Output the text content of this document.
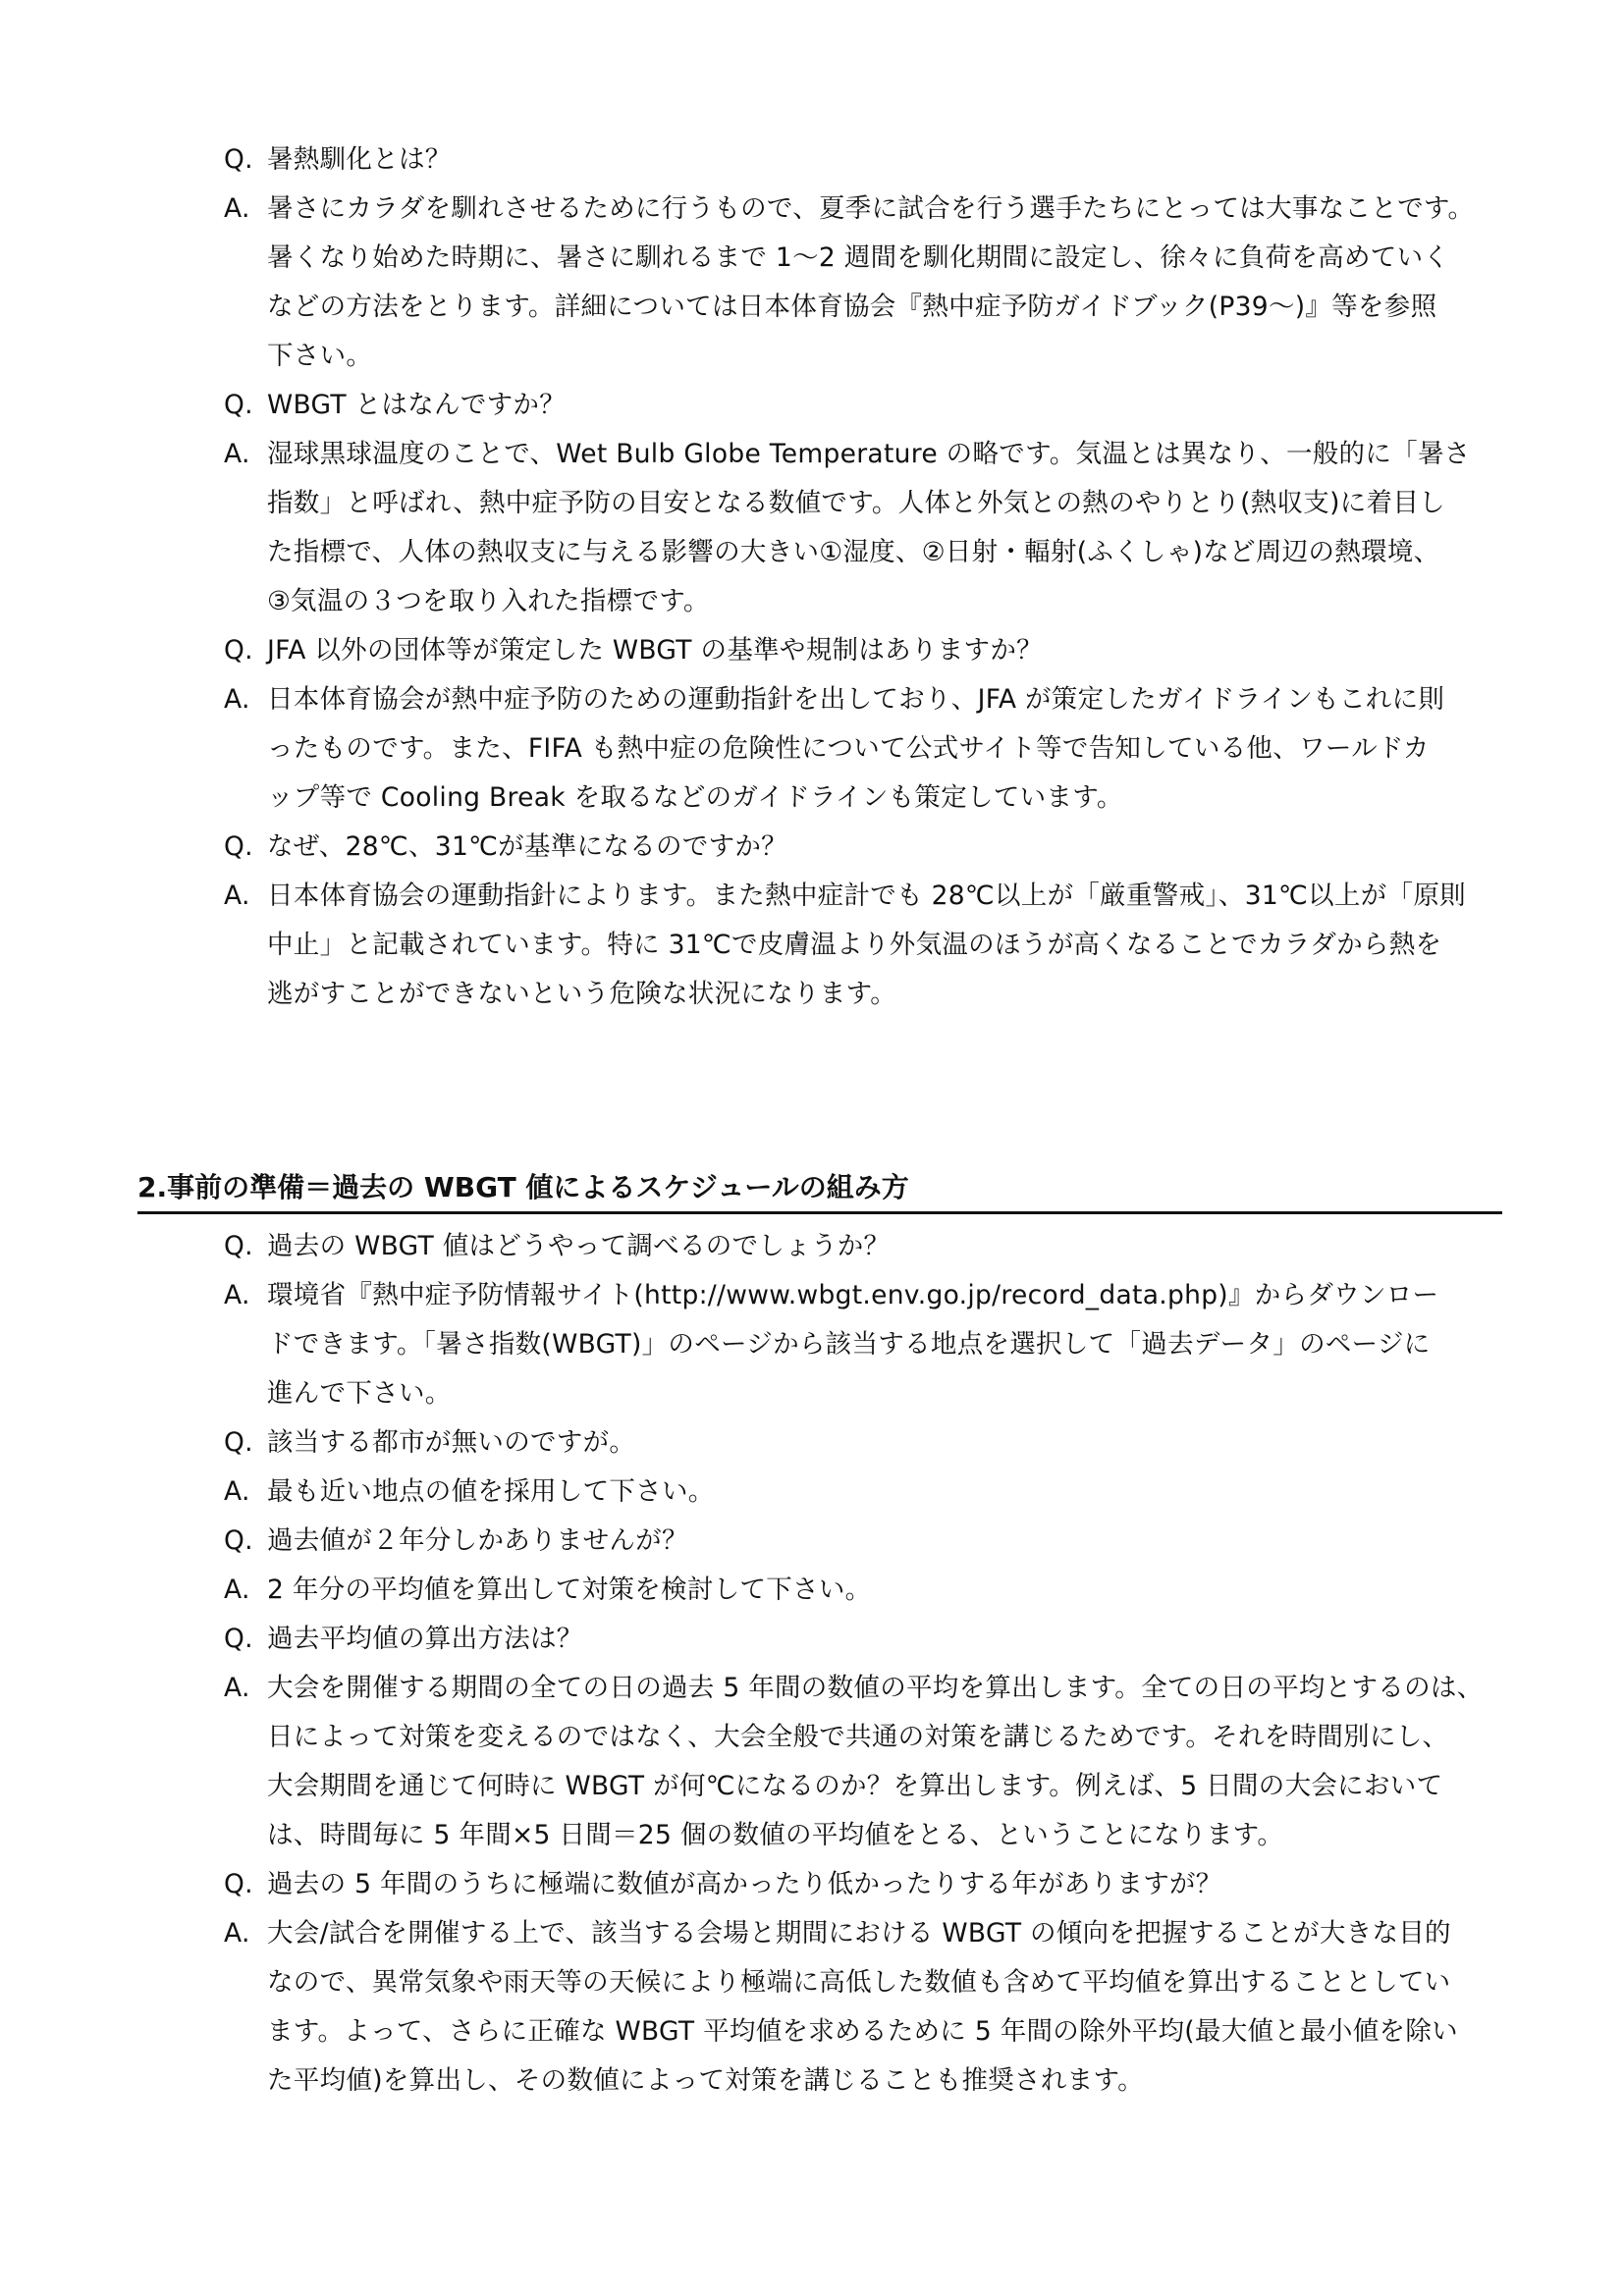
Q. 暑熱馴化とは？
A. 暑さにカラダを馴れさせるために行うもので、夏季に試合を行う選手たちにとっては大事なことです。
暑くなり始めた時期に、暑さに馴れるまで 1～2 週間を馴化期間に設定し、徐々に負荷を高めていく
などの方法をとります。詳細については日本体育協会『熱中症予防ガイドブック(P39～)』等を参照
下さい。
Q. WBGT とはなんですか？
A. 湿球黒球温度のことで、Wet Bulb Globe Temperature の略です。気温とは異なり、一般的に「暑さ
指数」と呼ばれ、熱中症予防の目安となる数値です。人体と外気との熱のやりとり(熱収支)に着目し
た指標で、人体の熱収支に与える影響の大きい①湿度、②日射・輻射(ふくしゃ)など周辺の熱環境、
③気温の３つを取り入れた指標です。
Q. JFA 以外の団体等が策定した WBGT の基準や規制はありますか？
A. 日本体育協会が熱中症予防のための運動指針を出しており、JFA が策定したガイドラインもこれに則
ったものです。また、FIFA も熱中症の危険性について公式サイト等で告知している他、ワールドカ
ップ等で Cooling Break を取るなどのガイドラインも策定しています。
Q. なぜ、28℃、31℃が基準になるのですか？
A. 日本体育協会の運動指針によります。また熱中症計でも 28℃以上が「厳重警戒」、31℃以上が「原則
中止」と記載されています。特に 31℃で皮膚温より外気温のほうが高くなることでカラダから熱を
逃がすことができないという危険な状況になります。
2.事前の準備＝過去の WBGT 値によるスケジュールの組み方
Q. 過去の WBGT 値はどうやって調べるのでしょうか？
A. 環境省『熱中症予防情報サイト(http://www.wbgt.env.go.jp/record_data.php)』からダウンロー
ドできます。「暑さ指数(WBGT)」のページから該当する地点を選択して「過去データ」のページに
進んで下さい。
Q. 該当する都市が無いのですが。
A. 最も近い地点の値を採用して下さい。
Q. 過去値が２年分しかありませんが？
A. 2 年分の平均値を算出して対策を検討して下さい。
Q. 過去平均値の算出方法は？
A. 大会を開催する期間の全ての日の過去 5 年間の数値の平均を算出します。全ての日の平均とするのは、
日によって対策を変えるのではなく、大会全般で共通の対策を講じるためです。それを時間別にし、
大会期間を通じて何時に WBGT が何℃になるのか？を算出します。例えば、5 日間の大会において
は、時間毎に 5 年間×5 日間＝25 個の数値の平均値をとる、ということになります。
Q. 過去の 5 年間のうちに極端に数値が高かったり低かったりする年がありますが？
A. 大会/試合を開催する上で、該当する会場と期間における WBGT の傾向を把握することが大きな目的
なので、異常気象や雨天等の天候により極端に高低した数値も含めて平均値を算出することとしてい
ます。よって、さらに正確な WBGT 平均値を求めるために 5 年間の除外平均(最大値と最小値を除い
た平均値)を算出し、その数値によって対策を講じることも推奨されます。
